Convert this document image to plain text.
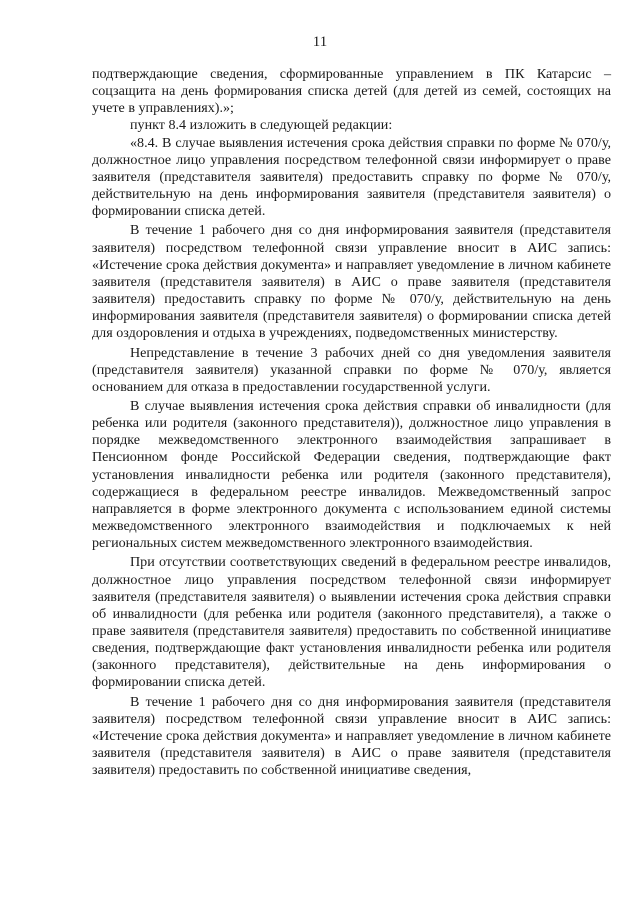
11

подтверждающие сведения, сформированные управлением в ПК Катарсис – соцзащита на день формирования списка детей (для детей из семей, состоящих на учете в управлениях).»;

пункт 8.4 изложить в следующей редакции:

«8.4. В случае выявления истечения срока действия справки по форме № 070/у, должностное лицо управления посредством телефонной связи информирует о праве заявителя (представителя заявителя) предоставить справку по форме № 070/у, действительную на день информирования заявителя (представителя заявителя) о формировании списка детей.

В течение 1 рабочего дня со дня информирования заявителя (представителя заявителя) посредством телефонной связи управление вносит в АИС запись: «Истечение срока действия документа» и направляет уведомление в личном кабинете заявителя (представителя заявителя) в АИС о праве заявителя (представителя заявителя) предоставить справку по форме № 070/у, действительную на день информирования заявителя (представителя заявителя) о формировании списка детей для оздоровления и отдыха в учреждениях, подведомственных министерству.

Непредставление в течение 3 рабочих дней со дня уведомления заявителя (представителя заявителя) указанной справки по форме № 070/у, является основанием для отказа в предоставлении государственной услуги.

В случае выявления истечения срока действия справки об инвалидности (для ребенка или родителя (законного представителя)), должностное лицо управления в порядке межведомственного электронного взаимодействия запрашивает в Пенсионном фонде Российской Федерации сведения, подтверждающие факт установления инвалидности ребенка или родителя (законного представителя), содержащиеся в федеральном реестре инвалидов. Межведомственный запрос направляется в форме электронного документа с использованием единой системы межведомственного электронного взаимодействия и подключаемых к ней региональных систем межведомственного электронного взаимодействия.

При отсутствии соответствующих сведений в федеральном реестре инвалидов, должностное лицо управления посредством телефонной связи информирует заявителя (представителя заявителя) о выявлении истечения срока действия справки об инвалидности (для ребенка или родителя (законного представителя), а также о праве заявителя (представителя заявителя) предоставить по собственной инициативе сведения, подтверждающие факт установления инвалидности ребенка или родителя (законного представителя), действительные на день информирования о формировании списка детей.

В течение 1 рабочего дня со дня информирования заявителя (представителя заявителя) посредством телефонной связи управление вносит в АИС запись: «Истечение срока действия документа» и направляет уведомление в личном кабинете заявителя (представителя заявителя) в АИС о праве заявителя (представителя заявителя) предоставить по собственной инициативе сведения,
